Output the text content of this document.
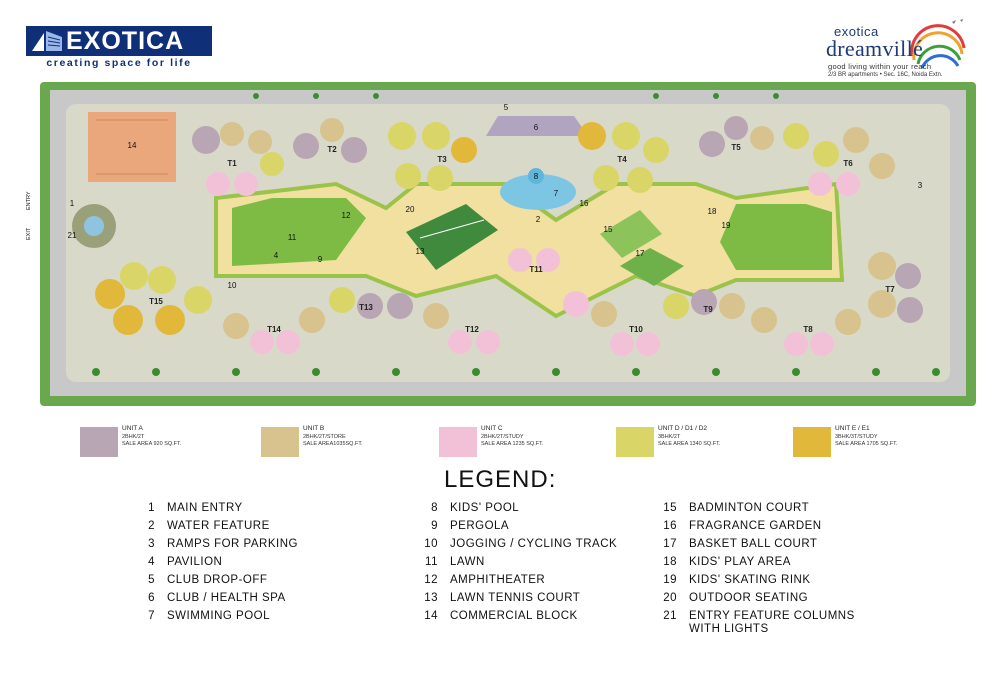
EXOTICA
creating space for life
exotica
dreamvillé
good living within your reach
2/3 BR apartments • Sec. 16C, Noida Extn.
T1
T2
T3	T4
T5
T6
T7
T8
T9
T10
T11
T12
T13
T14
T15
1
2
3
4
5
6
7
8
9
10
11
12
13
14
15
16
17
18
19
20
21
ENTRY
EXIT
UNIT A
2BHK/2T
SALE AREA 920 SQ.FT.
UNIT B
2BHK/2T/STORE
SALE AREA1035SQ.FT.
UNIT C
2BHK/2T/STUDY
SALE AREA 1235 SQ.FT.
UNIT D / D1 / D2
3BHK/2T
SALE AREA 1340 SQ.FT.
UNIT E / E1
3BHK/3T/STUDY
SALE AREA 1705 SQ.FT.
LEGEND:
1 MAIN ENTRY
2 WATER FEATURE
3 RAMPS FOR PARKING
4 PAVILION
5 CLUB DROP-OFF
6 CLUB / HEALTH SPA
7 SWIMMING POOL
8 KIDS' POOL
9 PERGOLA
10 JOGGING / CYCLING TRACK
11 LAWN
12 AMPHITHEATER
13 LAWN TENNIS COURT
14 COMMERCIAL BLOCK
15 BADMINTON COURT
16 FRAGRANCE GARDEN
17 BASKET BALL COURT
18 KIDS' PLAY AREA
19 KIDS' SKATING RINK
20 OUTDOOR SEATING
21 ENTRY FEATURE COLUMNS
WITH LIGHTS
